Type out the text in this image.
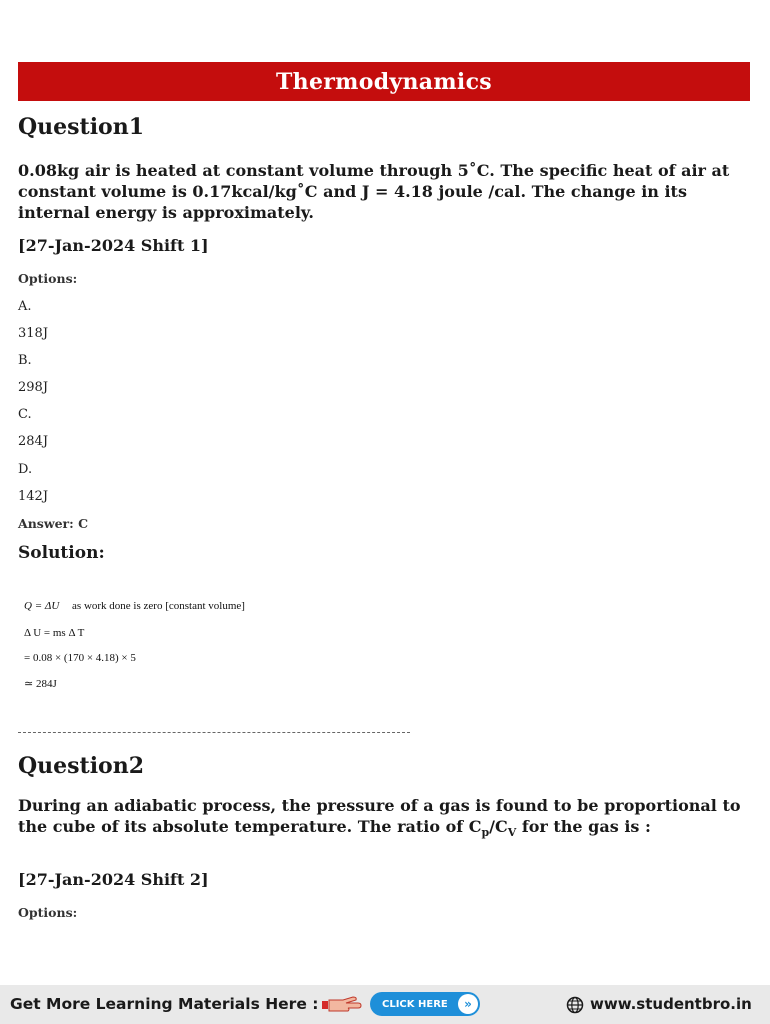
Thermodynamics
Question1
0.08kg air is heated at constant volume through 5˚C. The specific heat of air at constant volume is 0.17kcal/kg˚C and J = 4.18 joule /cal. The change in its internal energy is approximately.
[27-Jan-2024 Shift 1]
Options:
A.
318J
B.
298J
C.
284J
D.
142J
Answer: C
Solution:
Q = ΔU as work done is zero [constant volume]
Δ U = ms Δ T
= 0.08 × (170 × 4.18) × 5
≃ 284J
Question2
During an adiabatic process, the pressure of a gas is found to be proportional to the cube of its absolute temperature. The ratio of $C_p/C_V$ for the gas is :
[27-Jan-2024 Shift 2]
Options:
Get More Learning Materials Here :	CLICK HERE	»	www.studentbro.in
